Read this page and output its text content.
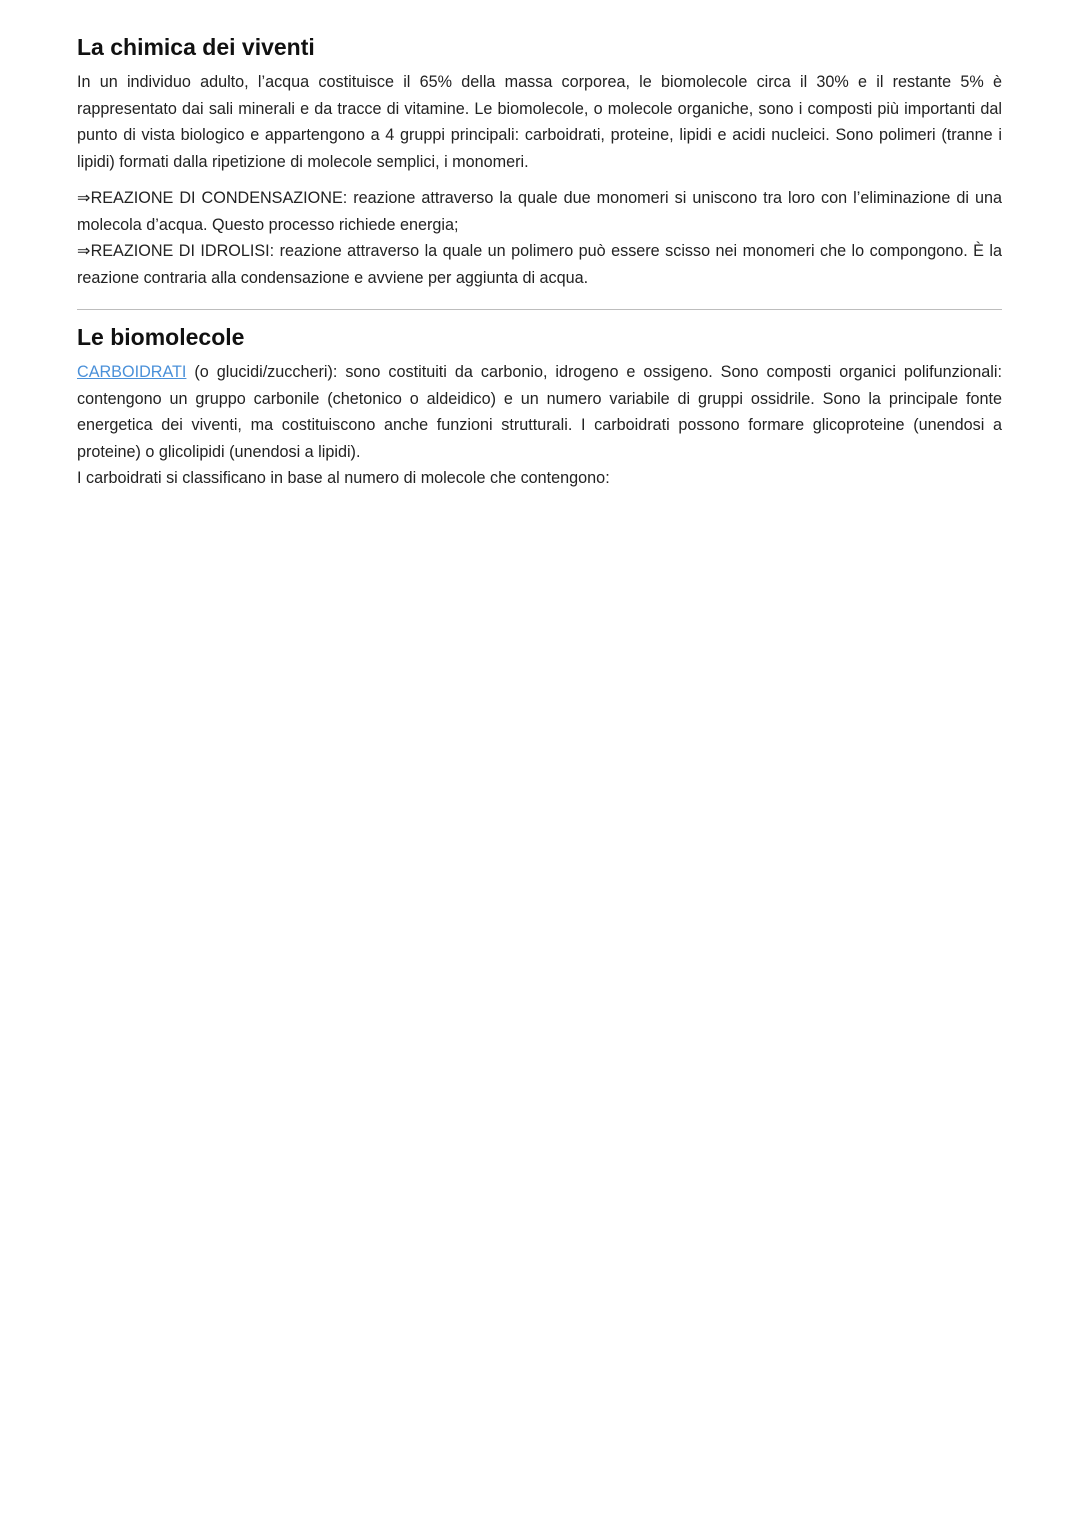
La chimica dei viventi

In un individuo adulto, l’acqua costituisce il 65% della massa corporea, le biomolecole circa il 30% e il restante 5% è rappresentato dai sali minerali e da tracce di vitamine. Le biomolecole, o molecole organiche, sono i composti più importanti dal punto di vista biologico e appartengono a 4 gruppi principali: carboidrati, proteine, lipidi e acidi nucleici. Sono polimeri (tranne i lipidi) formati dalla ripetizione di molecole semplici, i monomeri.

⇒REAZIONE DI CONDENSAZIONE: reazione attraverso la quale due monomeri si uniscono tra loro con l’eliminazione di una molecola d’acqua. Questo processo richiede energia;

⇒REAZIONE DI IDROLISI: reazione attraverso la quale un polimero può essere scisso nei monomeri che lo compongono. È la reazione contraria alla condensazione e avviene per aggiunta di acqua.

Le biomolecole

CARBOIDRATI (o glucidi/zuccheri): sono costituiti da carbonio, idrogeno e ossigeno. Sono composti organici polifunzionali: contengono un gruppo carbonile (chetonico o aldeidico) e un numero variabile di gruppi ossidrile. Sono la principale fonte energetica dei viventi, ma costituiscono anche funzioni strutturali. I carboidrati possono formare glicoproteine (unendosi a proteine) o glicolipidi (unendosi a lipidi).

I carboidrati si classificano in base al numero di molecole che contengono:
